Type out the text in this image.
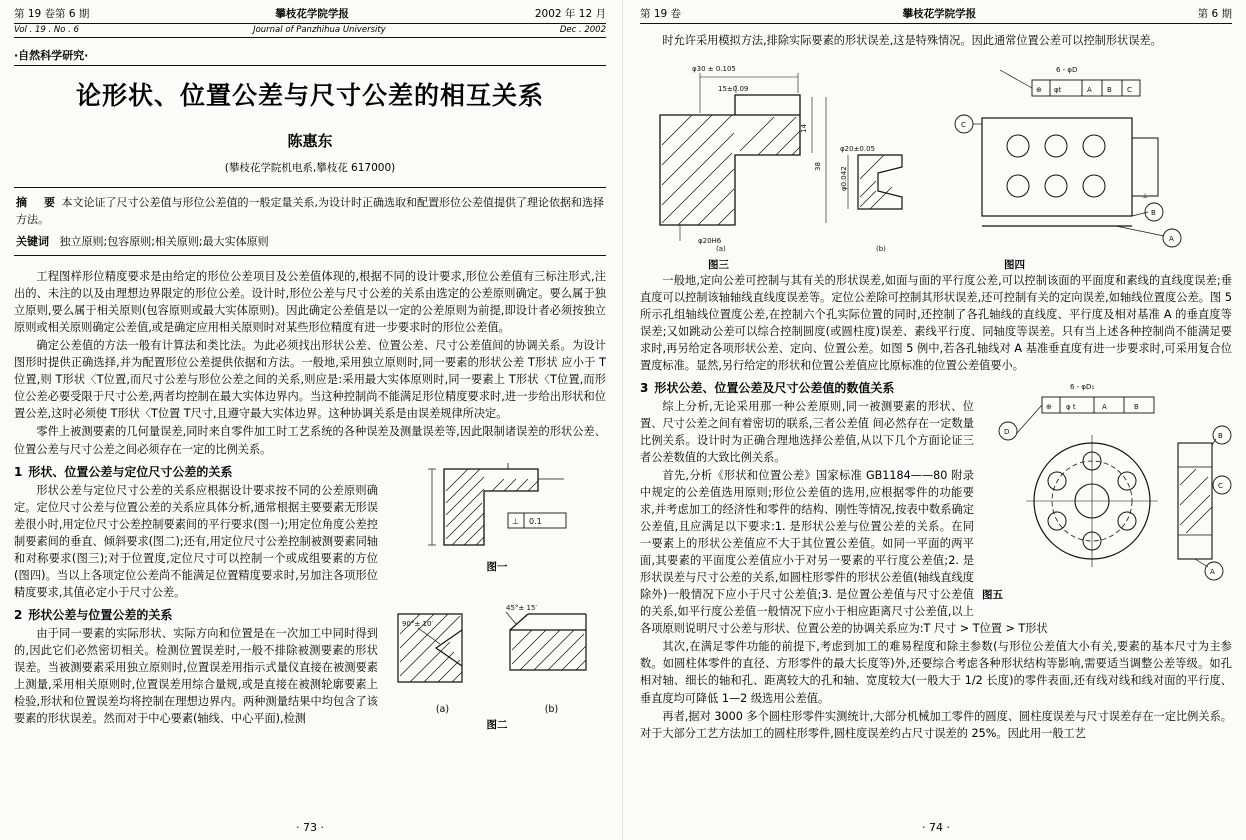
第 19 卷第 6 期	攀枝花学院学报	2002 年 12 月
Vol . 19 . No . 6	Journal of Panzhihua University	Dec . 2002
·自然科学研究·
论形状、位置公差与尺寸公差的相互关系
陈惠东
(攀枝花学院机电系,攀枝花 617000)
摘　要 本文论证了尺寸公差值与形位公差值的一般定量关系,为设计时正确选取和配置形位公差值提供了理论依据和选择方法。
关键词 独立原则;包容原则;相关原则;最大实体原则

工程图样形位精度要求是由给定的形位公差项目及公差值体现的,根据不同的设计要求,形位公差值有三标注形式,注出的、未注的以及由理想边界限定的形位公差。设计时,形位公差与尺寸公差的关系由选定的公差原则确定。要么属于独立原则,要么属于相关原则(包容原则或最大实体原则)。因此确定公差值是以一定的公差原则为前提,即设计者必须按独立原则或相关原则确定公差值,或是确定应用相关原则时对某些形位精度有进一步要求时的形位公差值。

确定公差值的方法一般有计算法和类比法。为此必须找出形状公差、位置公差、尺寸公差值间的协调关系。为设计图形时提供正确选择,并为配置形位公差提供依据和方法。一般地,采用独立原则时,同一要素的形状公差 T形状 应小于 T位置,则 T形状〈T位置,而尺寸公差与形位公差之间的关系,则应是:采用最大实体原则时,同一要素上 T形状〈T位置,而形位公差必要受限于尺寸公差,两者均控制在最大实体边界内。当这种控制尚不能满足形位精度要求时,进一步给出形状和位置公差,这时必须使 T形状〈T位置 T尺寸,且遵守最大实体边界。这种协调关系是由误差规律所决定。

零件上被测要素的几何量误差,同时来自零件加工时工艺系统的各种误差及测量误差等,因此限制诸误差的形状公差、位置公差与尺寸公差之间必须存在一定的比例关系。

⊥ 0.1
图一
1 形状、位置公差与定位尺寸公差的关系

形状公差与定位尺寸公差的关系应根据设计要求按不同的公差原则确定。定位尺寸公差与位置公差的关系应具体分析,通常根据主要要素无形误差很小时,用定位尺寸公差控制要素间的平行要求(图一);用定位角度公差控制要素间的垂直、倾斜要求(图二);还有,用定位尺寸公差控制被测要素同轴和对称要求(图三);对于位置度,定位尺寸可以控制一个或成组要素的方位(图四)。当以上各项定位公差尚不能满足位置精度要求时,另加注各项形位精度要求,其值必定小于尺寸公差。

90°± 10′
45°± 15′
(a)	(b)
图二
2 形状公差与位置公差的关系

由于同一要素的实际形状、实际方向和位置是在一次加工中同时得到的,因此它们必然密切相关。检测位置误差时,一般不排除被测要素的形状误差。当被测要素采用独立原则时,位置误差用指示式量仪直接在被测要素上测量,采用相关原则时,位置误差用综合量规,或是直接在被测轮廓要素上检验,形状和位置误差均将控制在理想边界内。两种测量结果中均包含了该要素的形状误差。然而对于中心要素(轴线、中心平面),检测

· 73 ·
第 19 卷	攀枝花学院学报	第 6 期

时允许采用模拟方法,排除实际要素的形状误差,这是特殊情况。因此通常位置公差可以控制形状误差。

φ30 ± 0.105
15±0.09
14
38
φ20H6
φ20±0.05
φ0.042
(a)	(b)
图三	图四
⊕ φt	A B C
6 - φD
C
B
A
⊥

一般地,定向公差可控制与其有关的形状误差,如面与面的平行度公差,可以控制该面的平面度和素线的直线度误差;垂直度可以控制该轴轴线直线度误差等。定位公差除可控制其形状误差,还可控制有关的定向误差,如轴线位置度公差。图 5 所示孔组轴线位置度公差,在控制六个孔实际位置的同时,还控制了各孔轴线的直线度、平行度及相对基准 A 的垂直度等误差;又如跳动公差可以综合控制圆度(或圆柱度)误差、素线平行度、同轴度等误差。只有当上述各种控制尚不能满足要求时,再另给定各项形状公差、定向、位置公差。如图 5 例中,若各孔轴线对 A 基准垂直度有进一步要求时,可采用复合位置度标准。显然,另行给定的形状和位置公差值应比原标准的位置公差值要小。

⊕ φ t	A	B
6 - φD₁
D	B
C
A
图五
3 形状公差、位置公差及尺寸公差值的数值关系

综上分析,无论采用那一种公差原则,同一被测要素的形状、位置、尺寸公差之间有着密切的联系,三者公差值 间必然存在一定数量比例关系。设计时为正确合理地选择公差值,从以下几个方面论证三者公差数值的大致比例关系。

首先,分析《形状和位置公差》国家标准 GB1184——80 附录中规定的公差值选用原则;形位公差值的选用,应根据零件的功能要求,并考虑加工的经济性和零件的结构、刚性等情况,按表中数系确定公差值,且应满足以下要求:1. 是形状公差与位置公差的关系。在同一要素上的形状公差值应不大于其位置公差值。如同一平面的两平面,其要素的平面度公差值应小于对另一要素的平行度公差值;2. 是形状误差与尺寸公差的关系,如圆柱形零件的形状公差值(轴线直线度除外)一般情况下应小于尺寸公差值;3. 是位置公差值与尺寸公差值的关系,如平行度公差值一般情况下应小于相应距离尺寸公差值,以上各项原则说明尺寸公差与形状、位置公差的协调关系应为:T 尺寸 > T位置 > T形状

其次,在满足零件功能的前提下,考虑到加工的难易程度和除主参数(与形位公差值大小有关,要素的基本尺寸为主参数。如圆柱体零件的直径、方形零件的最大长度等)外,还要综合考虑各种形状结构等影响,需要适当调整公差等级。如孔相对轴、细长的轴和孔、距离较大的孔和轴、宽度较大(一般大于 1/2 长度)的零件表面,还有线对线和线对面的平行度、垂直度均可降低 1—2 级选用公差值。

再者,据对 3000 多个圆柱形零件实测统计,大部分机械加工零件的圆度、圆柱度误差与尺寸误差存在一定比例关系。对于大部分工艺方法加工的圆柱形零件,圆柱度误差约占尺寸误差的 25%。因此用一般工艺

· 74 ·
